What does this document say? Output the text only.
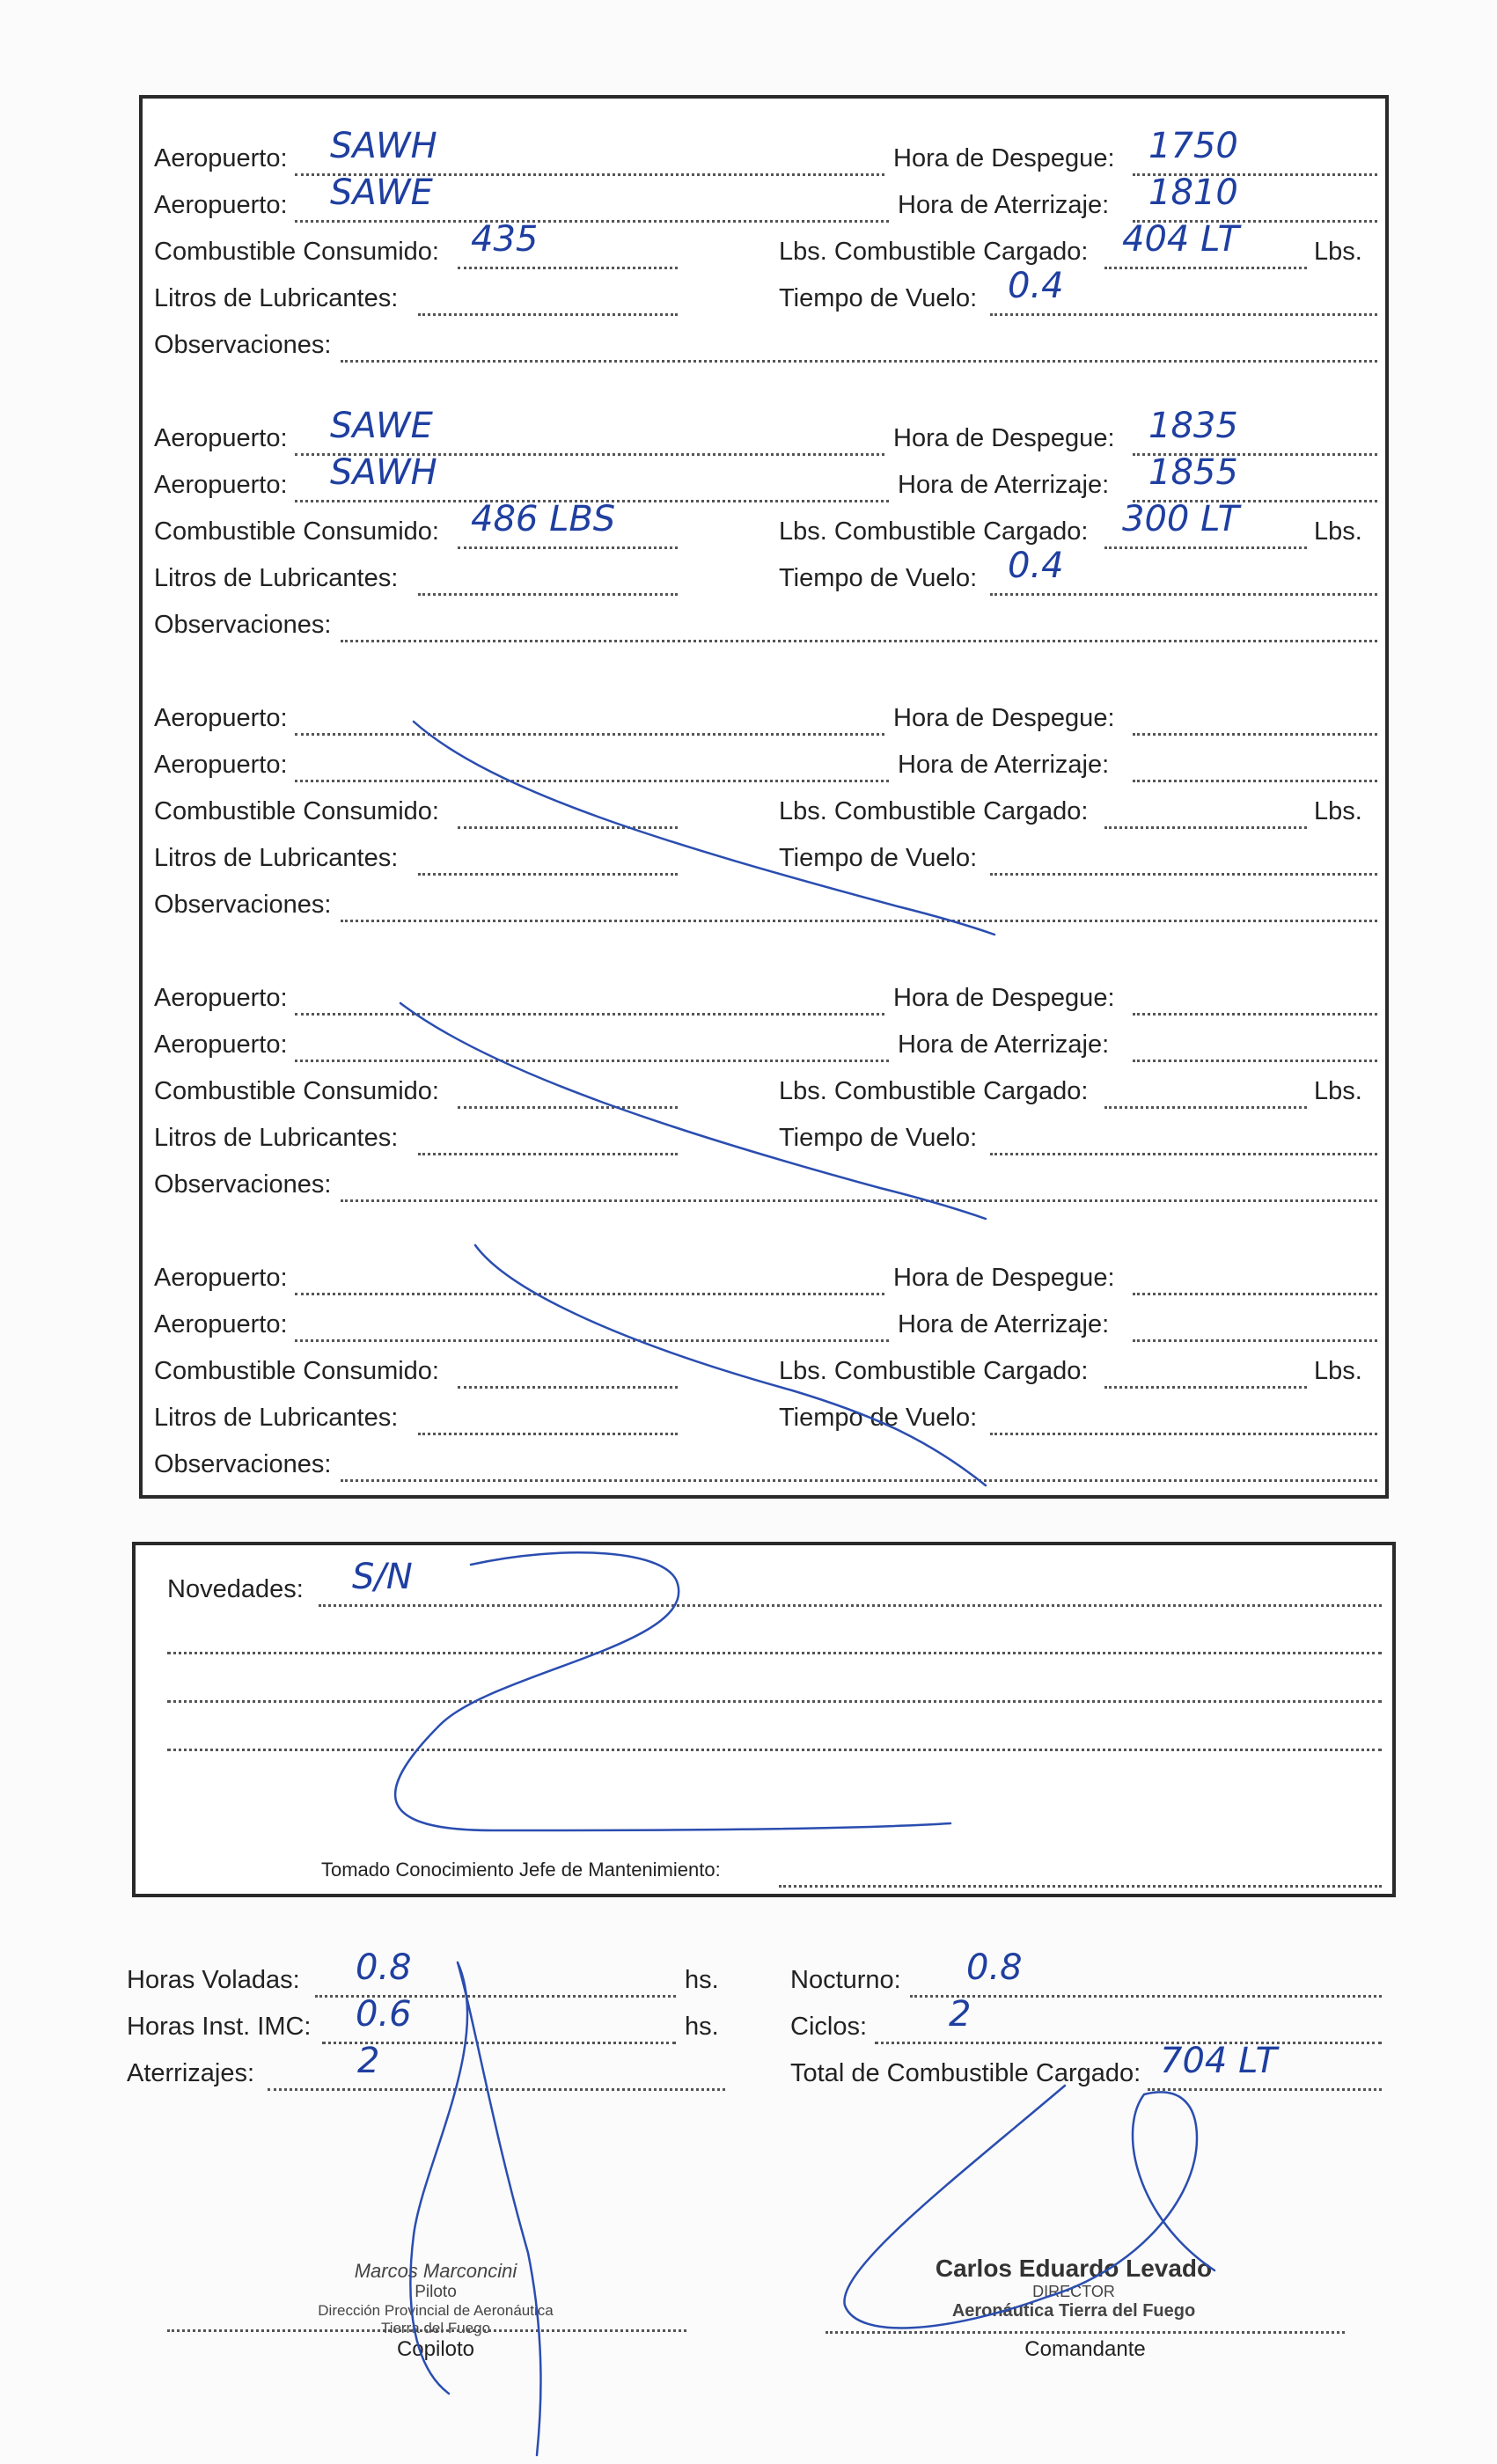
Aeropuerto: SAWH	Hora de Despegue: 1750
Aeropuerto: SAWE	Hora de Aterrizaje: 1810
Combustible Consumido: 435	Lbs. Combustible Cargado: 404 LT	Lbs.
Litros de Lubricantes:	Tiempo de Vuelo: 0.4
Observaciones:
Aeropuerto: SAWE	Hora de Despegue: 1835
Aeropuerto: SAWH	Hora de Aterrizaje: 1855
Combustible Consumido: 486 LBS	Lbs. Combustible Cargado: 300 LT	Lbs.
Litros de Lubricantes:	Tiempo de Vuelo: 0.4
Observaciones:
Aeropuerto:	Hora de Despegue:
Aeropuerto:	Hora de Aterrizaje:
Combustible Consumido:	Lbs. Combustible Cargado:	Lbs.
Litros de Lubricantes:	Tiempo de Vuelo:
Observaciones:
Aeropuerto:	Hora de Despegue:
Aeropuerto:	Hora de Aterrizaje:
Combustible Consumido:	Lbs. Combustible Cargado:	Lbs.
Litros de Lubricantes:	Tiempo de Vuelo:
Observaciones:
Aeropuerto:	Hora de Despegue:
Aeropuerto:	Hora de Aterrizaje:
Combustible Consumido:	Lbs. Combustible Cargado:	Lbs.
Litros de Lubricantes:	Tiempo de Vuelo:
Observaciones:
Novedades: S/N
Tomado Conocimiento Jefe de Mantenimiento:
Horas Voladas: 0.8	hs.
Horas Inst. IMC: 0.6	hs.
Aterrizajes:	2
Nocturno: 0.8
Ciclos: 2
Total de Combustible Cargado: 704 LT
Marcos Marconcini
Piloto
Dirección Provincial de Aeronáutica
Tierra del Fuego
Copiloto
Carlos Eduardo Levado
DIRECTOR
Aeronáutica Tierra del Fuego
Comandante
